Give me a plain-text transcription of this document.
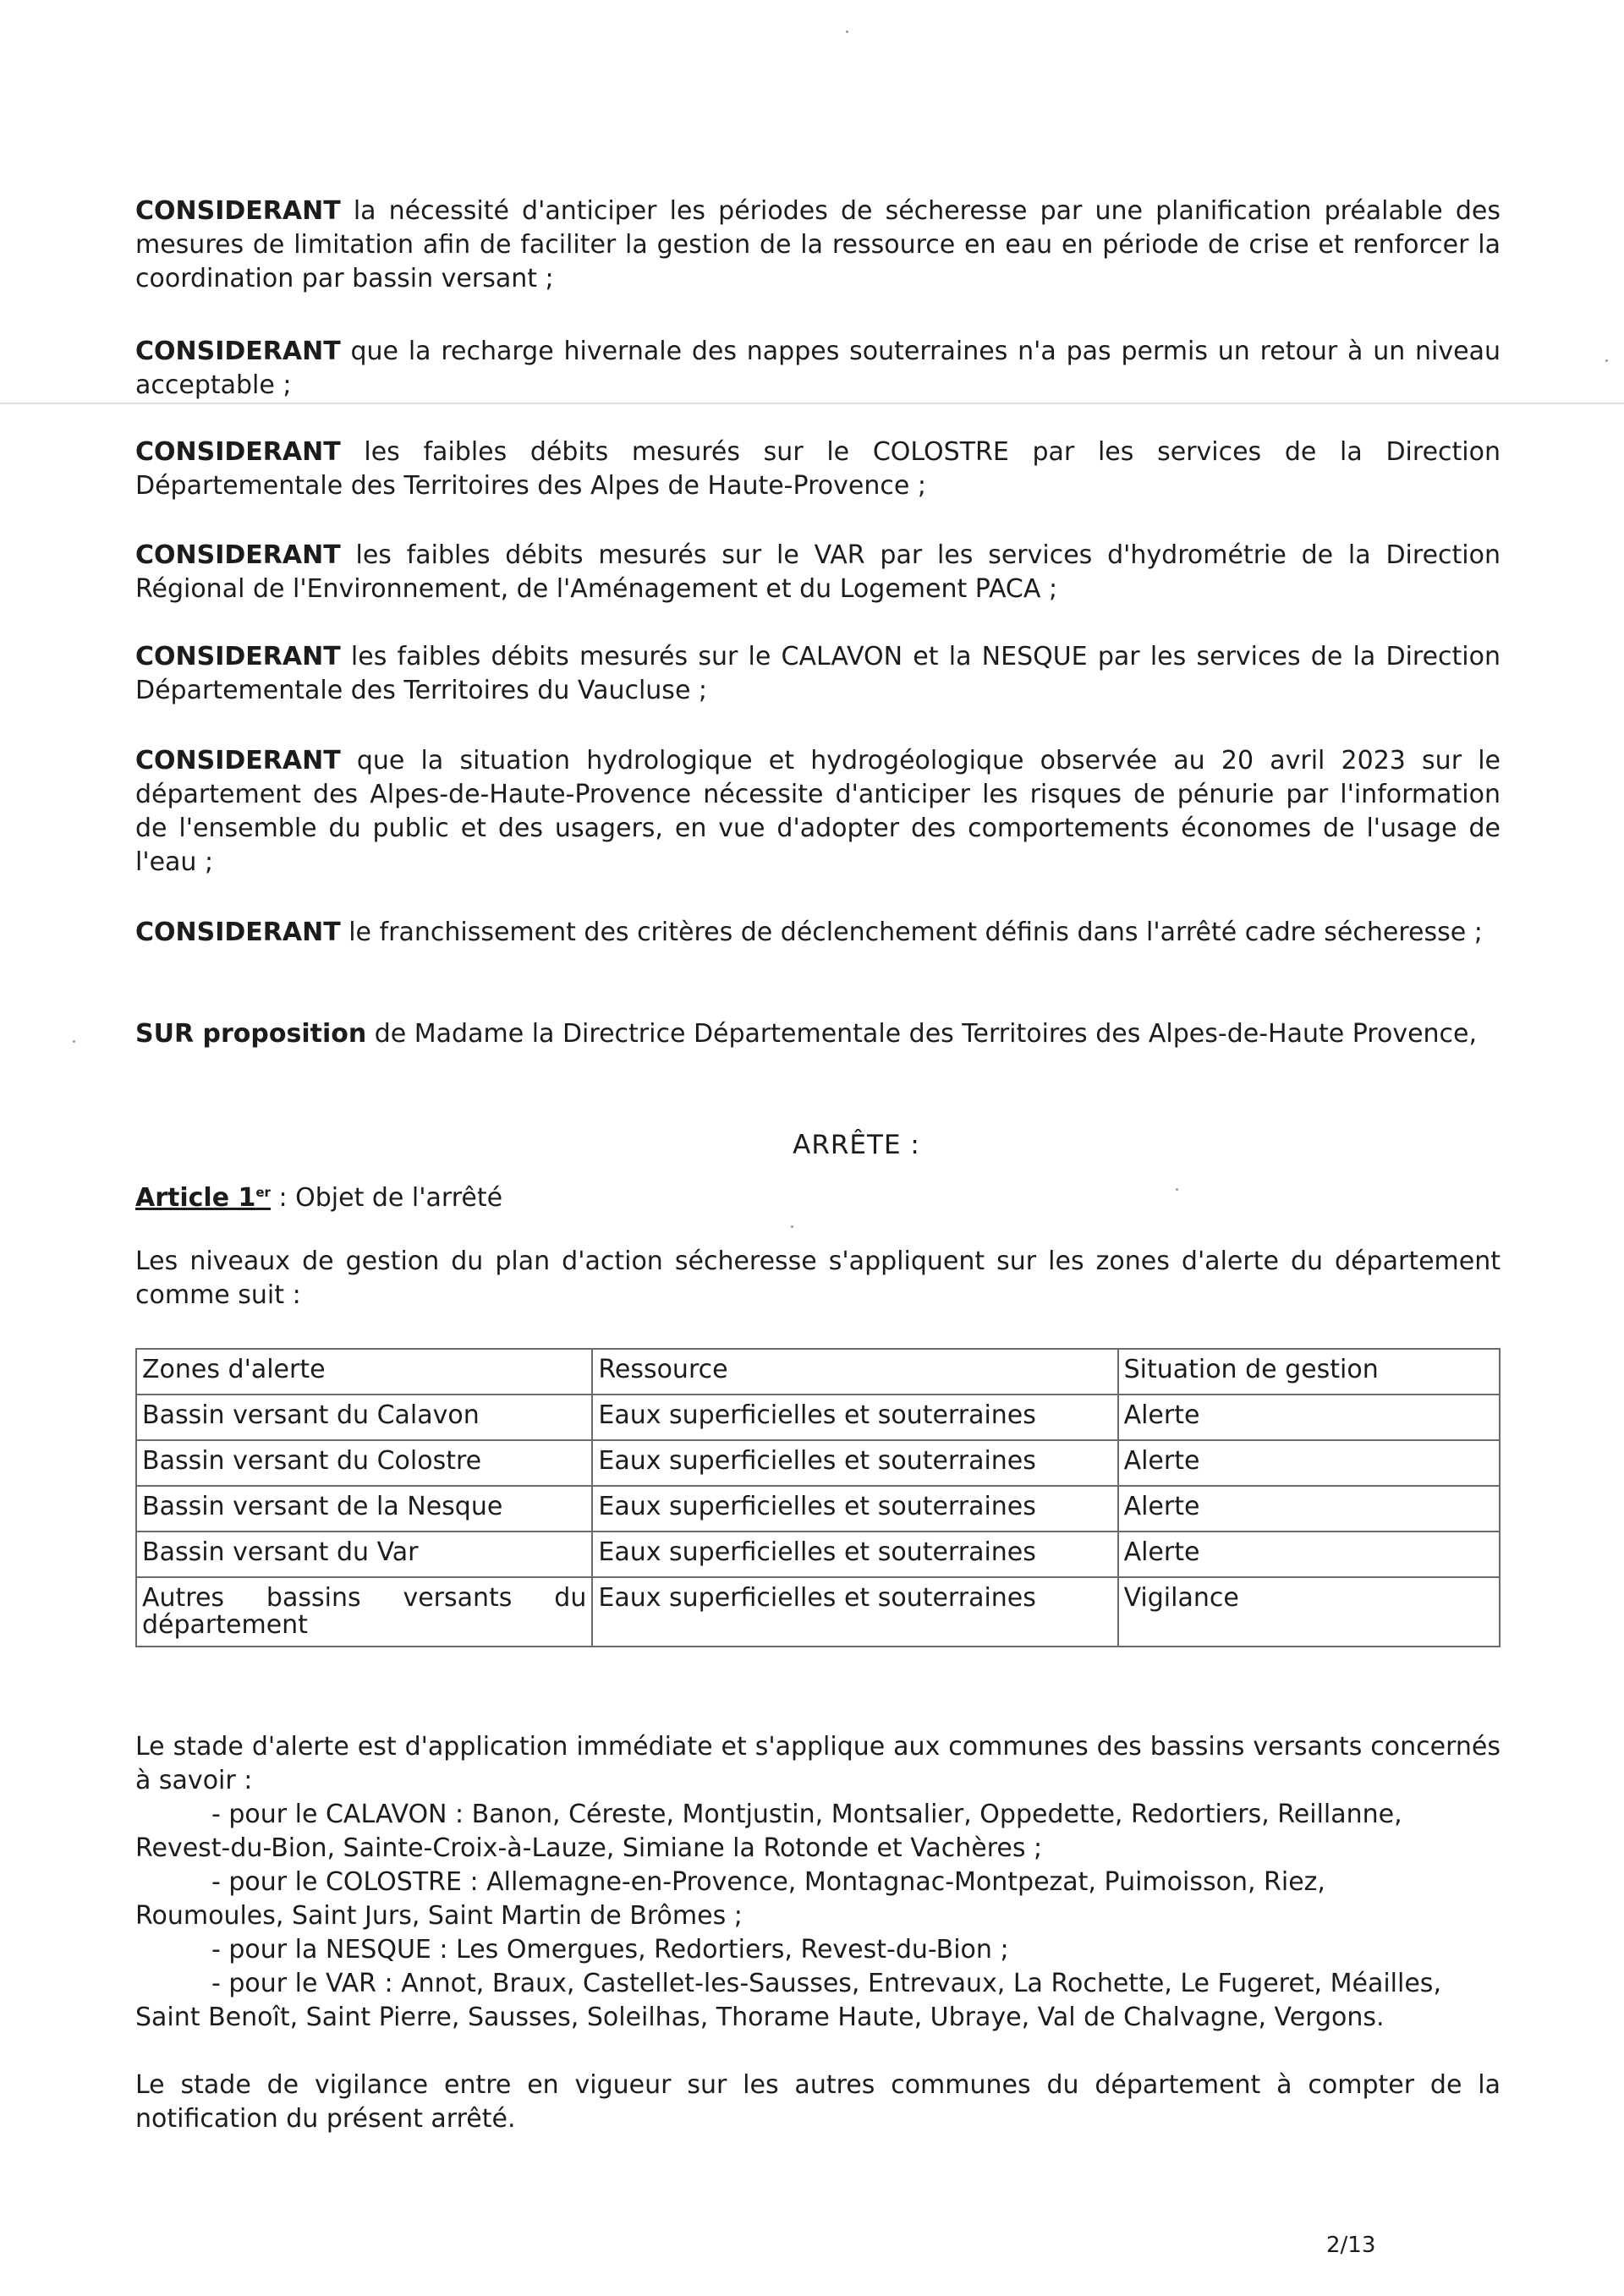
CONSIDERANT la nécessité d'anticiper les périodes de sécheresse par une planification préalable des mesures de limitation afin de faciliter la gestion de la ressource en eau en période de crise et renforcer la coordination par bassin versant ;

CONSIDERANT que la recharge hivernale des nappes souterraines n'a pas permis un retour à un niveau acceptable ;

CONSIDERANT les faibles débits mesurés sur le COLOSTRE par les services de la Direction Départementale des Territoires des Alpes de Haute-Provence ;

CONSIDERANT les faibles débits mesurés sur le VAR par les services d'hydrométrie de la Direction Régional de l'Environnement, de l'Aménagement et du Logement PACA ;

CONSIDERANT les faibles débits mesurés sur le CALAVON et la NESQUE par les services de la Direction Départementale des Territoires du Vaucluse ;

CONSIDERANT que la situation hydrologique et hydrogéologique observée au 20 avril 2023 sur le département des Alpes-de-Haute-Provence nécessite d'anticiper les risques de pénurie par l'information de l'ensemble du public et des usagers, en vue d'adopter des comportements économes de l'usage de l'eau ;

CONSIDERANT le franchissement des critères de déclenchement définis dans l'arrêté cadre sécheresse ;

SUR proposition de Madame la Directrice Départementale des Territoires des Alpes-de-Haute Provence,

ARRÊTE :
Article 1er : Objet de l'arrêté

Les niveaux de gestion du plan d'action sécheresse s'appliquent sur les zones d'alerte du département comme suit :

Zones d'alerte	Ressource	Situation de gestion
Bassin versant du Calavon	Eaux superficielles et souterraines	Alerte
Bassin versant du Colostre	Eaux superficielles et souterraines	Alerte
Bassin versant de la Nesque	Eaux superficielles et souterraines	Alerte
Bassin versant du Var	Eaux superficielles et souterraines	Alerte

Autres bassins versants du
département	Eaux superficielles et souterraines	Vigilance

Le stade d'alerte est d'application immédiate et s'applique aux communes des bassins versants concernés à savoir :

- pour le CALAVON : Banon, Céreste, Montjustin, Montsalier, Oppedette, Redortiers, Reillanne,

Revest-du-Bion, Sainte-Croix-à-Lauze, Simiane la Rotonde et Vachères ;

- pour le COLOSTRE : Allemagne-en-Provence, Montagnac-Montpezat, Puimoisson, Riez,

Roumoules, Saint Jurs, Saint Martin de Brômes ;

- pour la NESQUE : Les Omergues, Redortiers, Revest-du-Bion ;

- pour le VAR : Annot, Braux, Castellet-les-Sausses, Entrevaux, La Rochette, Le Fugeret, Méailles,

Saint Benoît, Saint Pierre, Sausses, Soleilhas, Thorame Haute, Ubraye, Val de Chalvagne, Vergons.

Le stade de vigilance entre en vigueur sur les autres communes du département à compter de la notification du présent arrêté.

2/13
